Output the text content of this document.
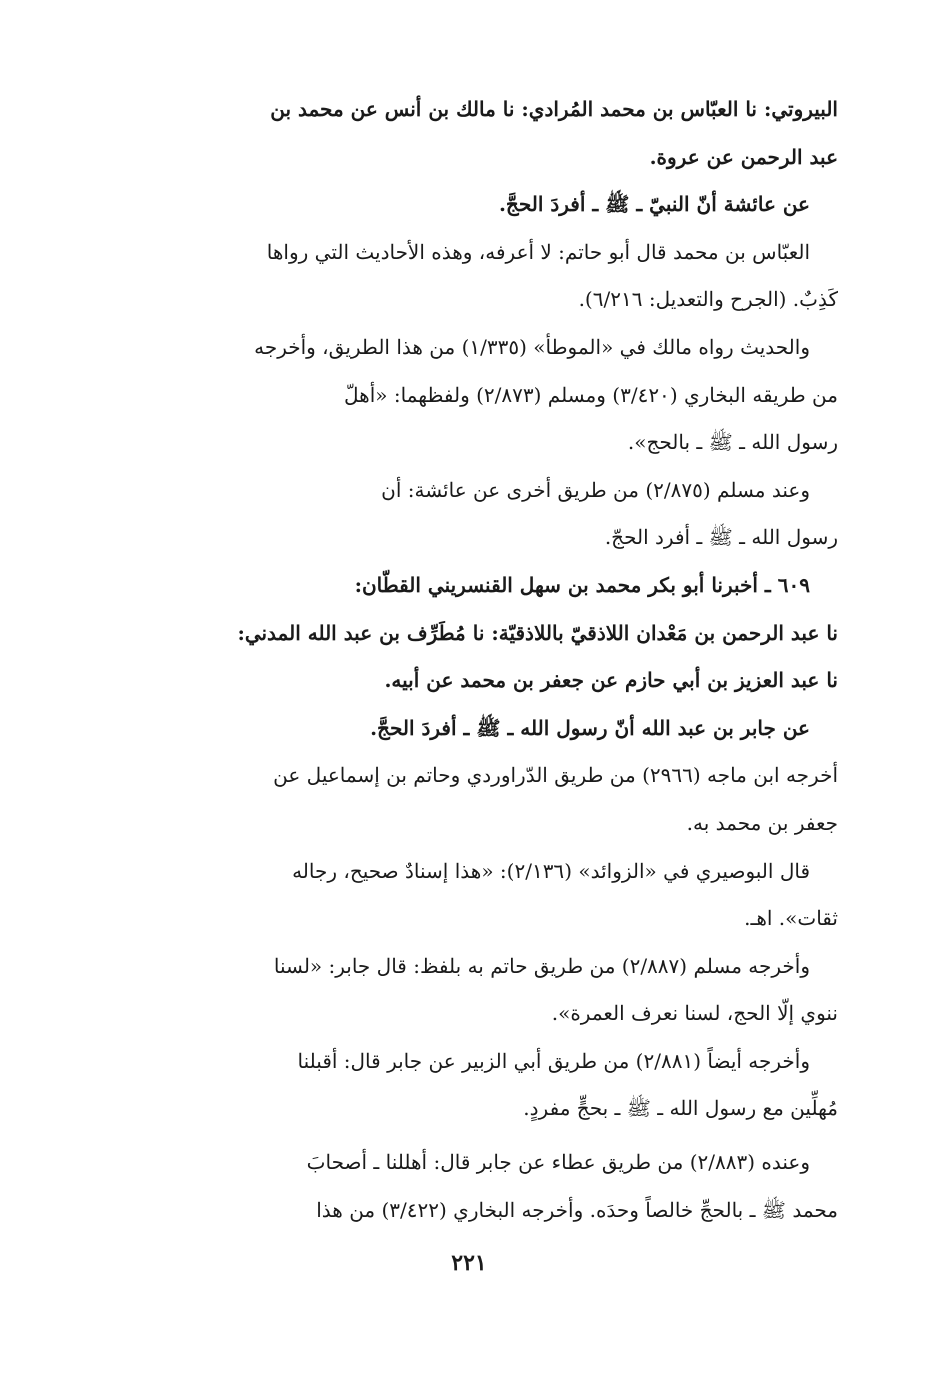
البيروتي: نا العبّاس بن محمد المُرادي: نا مالك بن أنس عن محمد بن
عبد الرحمن عن عروة.
عن عائشة أنّ النبيّ ـ ﷺ ـ أفردَ الحجَّ.
العبّاس بن محمد قال أبو حاتم: لا أعرفه، وهذه الأحاديث التي رواها
كَذِبٌ. (الجرح والتعديل: ٦/٢١٦).
والحديث رواه مالك في «الموطأ» (١/٣٣٥) من هذا الطريق، وأخرجه
من طريقه البخاري (٣/٤٢٠) ومسلم (٢/٨٧٣) ولفظهما: «أهلّ
رسول الله ـ ﷺ ـ بالحج».
وعند مسلم (٢/٨٧٥) من طريق أخرى عن عائشة: أن
رسول الله ـ ﷺ ـ أفرد الحجّ.
٦٠٩ ـ أخبرنا أبو بكر محمد بن سهل القنسريني القطّان:
نا عبد الرحمن بن مَعْدان اللاذقيّ باللاذقيّة: نا مُطَرِّف بن عبد الله المدني:
نا عبد العزيز بن أبي حازم عن جعفر بن محمد عن أبيه.
عن جابر بن عبد الله أنّ رسول الله ـ ﷺ ـ أفردَ الحجَّ.
أخرجه ابن ماجه (٢٩٦٦) من طريق الدّراوردي وحاتم بن إسماعيل عن
جعفر بن محمد به.
قال البوصيري في «الزوائد» (٢/١٣٦): «هذا إسنادٌ صحيح، رجاله
ثقات». اهـ.
وأخرجه مسلم (٢/٨٨٧) من طريق حاتم به بلفظ: قال جابر: «لسنا
ننوي إلّا الحج، لسنا نعرف العمرة».
وأخرجه أيضاً (٢/٨٨١) من طريق أبي الزبير عن جابر قال: أقبلنا
مُهلِّين مع رسول الله ـ ﷺ ـ بحجٍّ مفردٍ.
وعنده (٢/٨٨٣) من طريق عطاء عن جابر قال: أهللنا ـ أصحابَ
محمد ﷺ ـ بالحجِّ خالصاً وحدَه. وأخرجه البخاري (٣/٤٢٢) من هذا
٢٢١
